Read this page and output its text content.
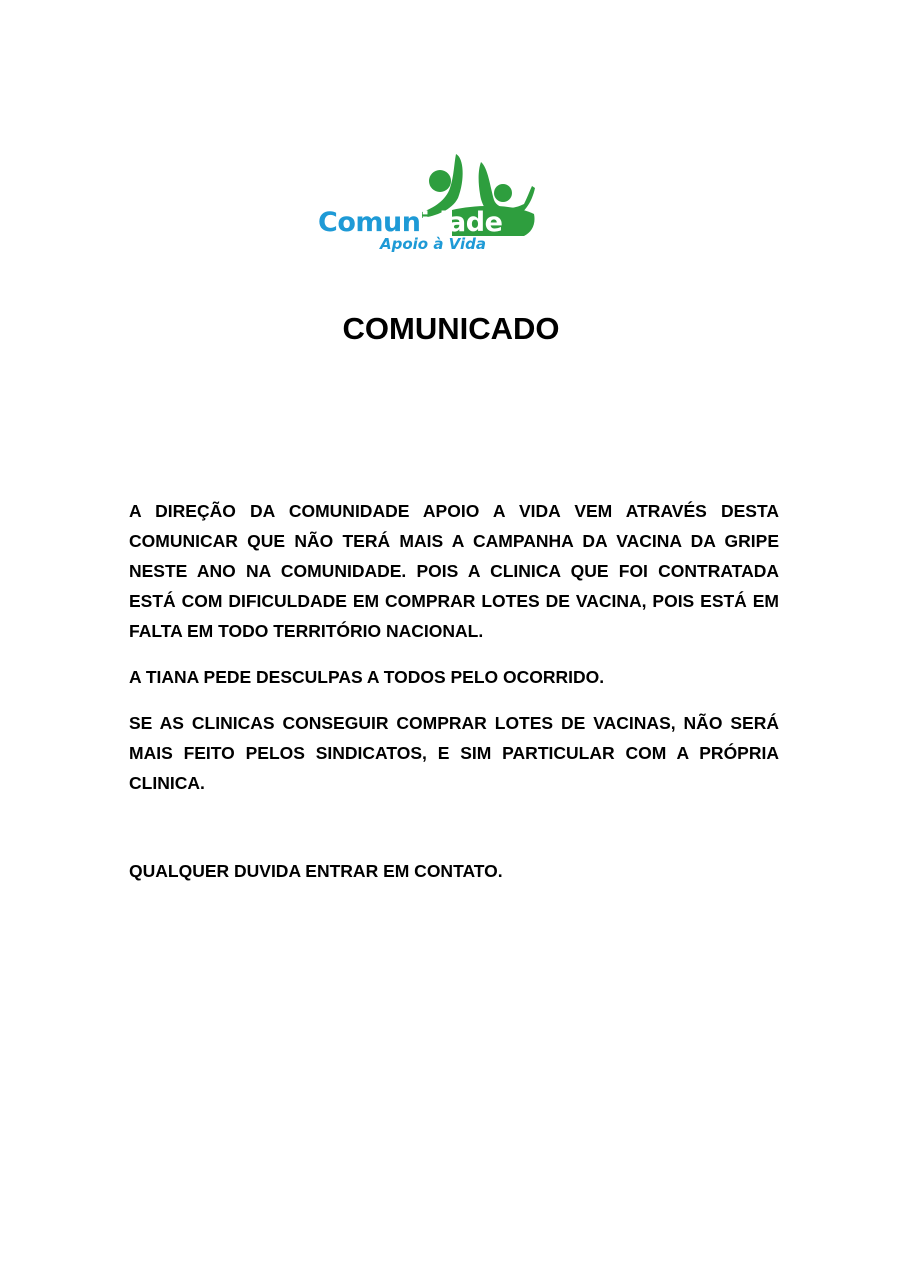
Comunidade
Apoio à Vida
COMUNICADO

A DIREÇÃO DA COMUNIDADE APOIO A VIDA VEM ATRAVÉS DESTA COMUNICAR QUE NÃO TERÁ MAIS A CAMPANHA DA VACINA DA GRIPE NESTE ANO NA COMUNIDADE. POIS A CLINICA QUE FOI CONTRATADA ESTÁ COM DIFICULDADE EM COMPRAR LOTES DE VACINA, POIS ESTÁ EM FALTA EM TODO TERRITÓRIO NACIONAL.

A TIANA PEDE DESCULPAS A TODOS PELO OCORRIDO.

SE AS CLINICAS CONSEGUIR COMPRAR LOTES DE VACINAS, NÃO SERÁ MAIS FEITO PELOS SINDICATOS, E SIM PARTICULAR COM A PRÓPRIA CLINICA.

QUALQUER DUVIDA ENTRAR EM CONTATO.
